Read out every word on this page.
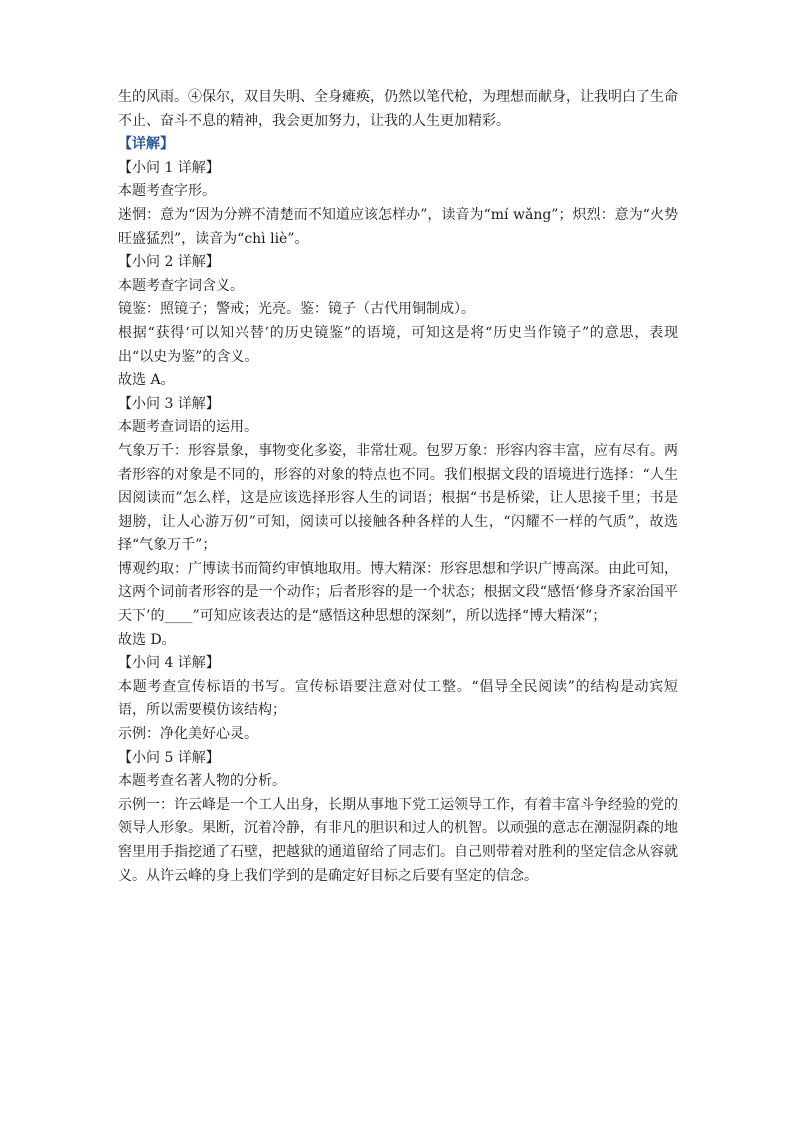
生的风雨。④保尔，双目失明、全身瘫痪，仍然以笔代枪，为理想而献身，让我明白了生命不止、奋斗不息的精神，我会更加努力，让我的人生更加精彩。

【详解】

【小问 1 详解】

本题考查字形。

迷惘：意为“因为分辨不清楚而不知道应该怎样办”，读音为“mí wǎng”；炽烈：意为“火势旺盛猛烈”，读音为“chì liè”。

【小问 2 详解】

本题考查字词含义。

镜鉴：照镜子；警戒；光亮。鉴：镜子（古代用铜制成）。

根据“获得‘可以知兴替’的历史镜鉴”的语境，可知这是将“历史当作镜子”的意思，表现出“以史为鉴”的含义。

故选 A。

【小问 3 详解】

本题考查词语的运用。

气象万千：形容景象，事物变化多姿，非常壮观。包罗万象：形容内容丰富，应有尽有。两者形容的对象是不同的，形容的对象的特点也不同。我们根据文段的语境进行选择：“人生因阅读而”怎么样，这是应该选择形容人生的词语；根据“书是桥梁，让人思接千里；书是翅膀，让人心游万仞”可知，阅读可以接触各种各样的人生，“闪耀不一样的气质”，故选择“气象万千”；

博观约取：广博读书而简约审慎地取用。博大精深：形容思想和学识广博高深。由此可知，这两个词前者形容的是一个动作；后者形容的是一个状态；根据文段“感悟‘修身齐家治国平天下’的____”可知应该表达的是“感悟这种思想的深刻”，所以选择“博大精深”；

故选 D。

【小问 4 详解】

本题考查宣传标语的书写。宣传标语要注意对仗工整。“倡导全民阅读”的结构是动宾短语，所以需要模仿该结构；

示例：净化美好心灵。

【小问 5 详解】

本题考查名著人物的分析。

示例一：许云峰是一个工人出身，长期从事地下党工运领导工作，有着丰富斗争经验的党的领导人形象。果断，沉着冷静，有非凡的胆识和过人的机智。以顽强的意志在潮湿阴森的地窖里用手指挖通了石壁，把越狱的通道留给了同志们。自己则带着对胜利的坚定信念从容就义。从许云峰的身上我们学到的是确定好目标之后要有坚定的信念。
